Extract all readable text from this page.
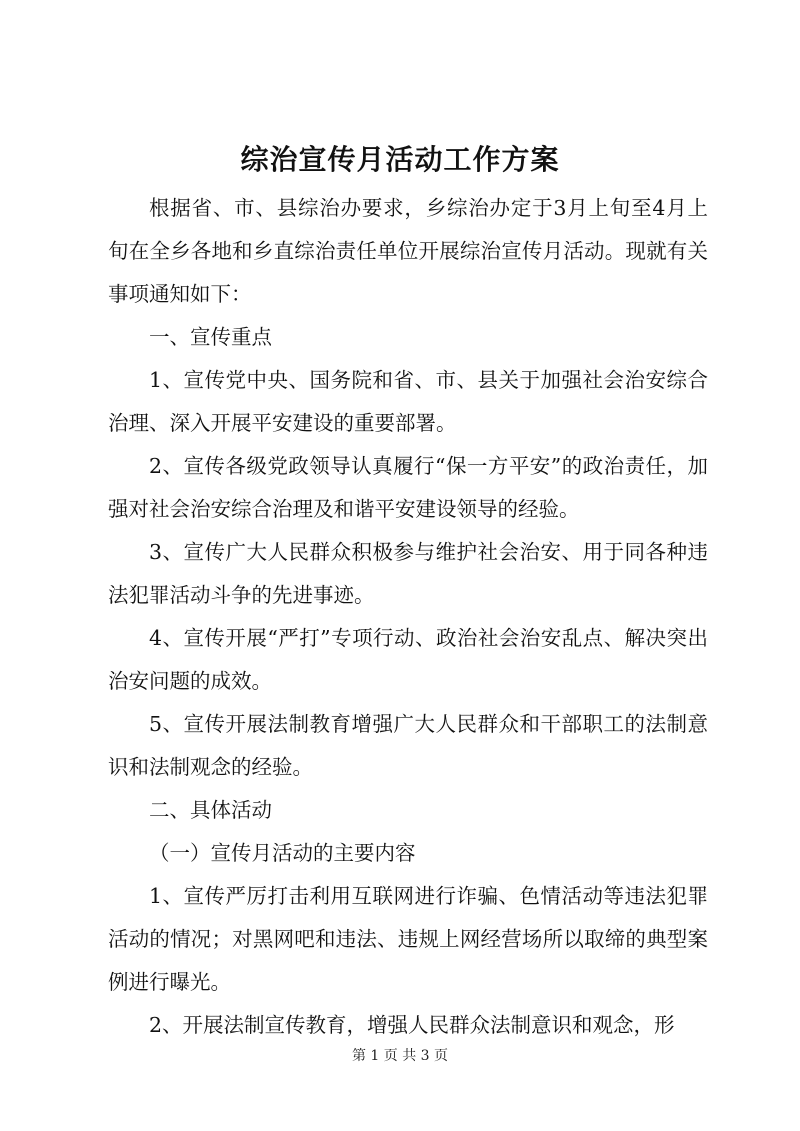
综治宣传月活动工作方案

根据省、市、县综治办要求，乡综治办定于3月上旬至4月上旬在全乡各地和乡直综治责任单位开展综治宣传月活动。现就有关事项通知如下：

一、宣传重点

1、宣传党中央、国务院和省、市、县关于加强社会治安综合治理、深入开展平安建设的重要部署。

2、宣传各级党政领导认真履行“保一方平安”的政治责任，加强对社会治安综合治理及和谐平安建设领导的经验。

3、宣传广大人民群众积极参与维护社会治安、用于同各种违法犯罪活动斗争的先进事迹。

4、宣传开展“严打”专项行动、政治社会治安乱点、解决突出治安问题的成效。

5、宣传开展法制教育增强广大人民群众和干部职工的法制意识和法制观念的经验。

二、具体活动

（一）宣传月活动的主要内容

1、宣传严厉打击利用互联网进行诈骗、色情活动等违法犯罪活动的情况；对黑网吧和违法、违规上网经营场所以取缔的典型案例进行曝光。

2、开展法制宣传教育，增强人民群众法制意识和观念，形

第 1 页 共 3 页
